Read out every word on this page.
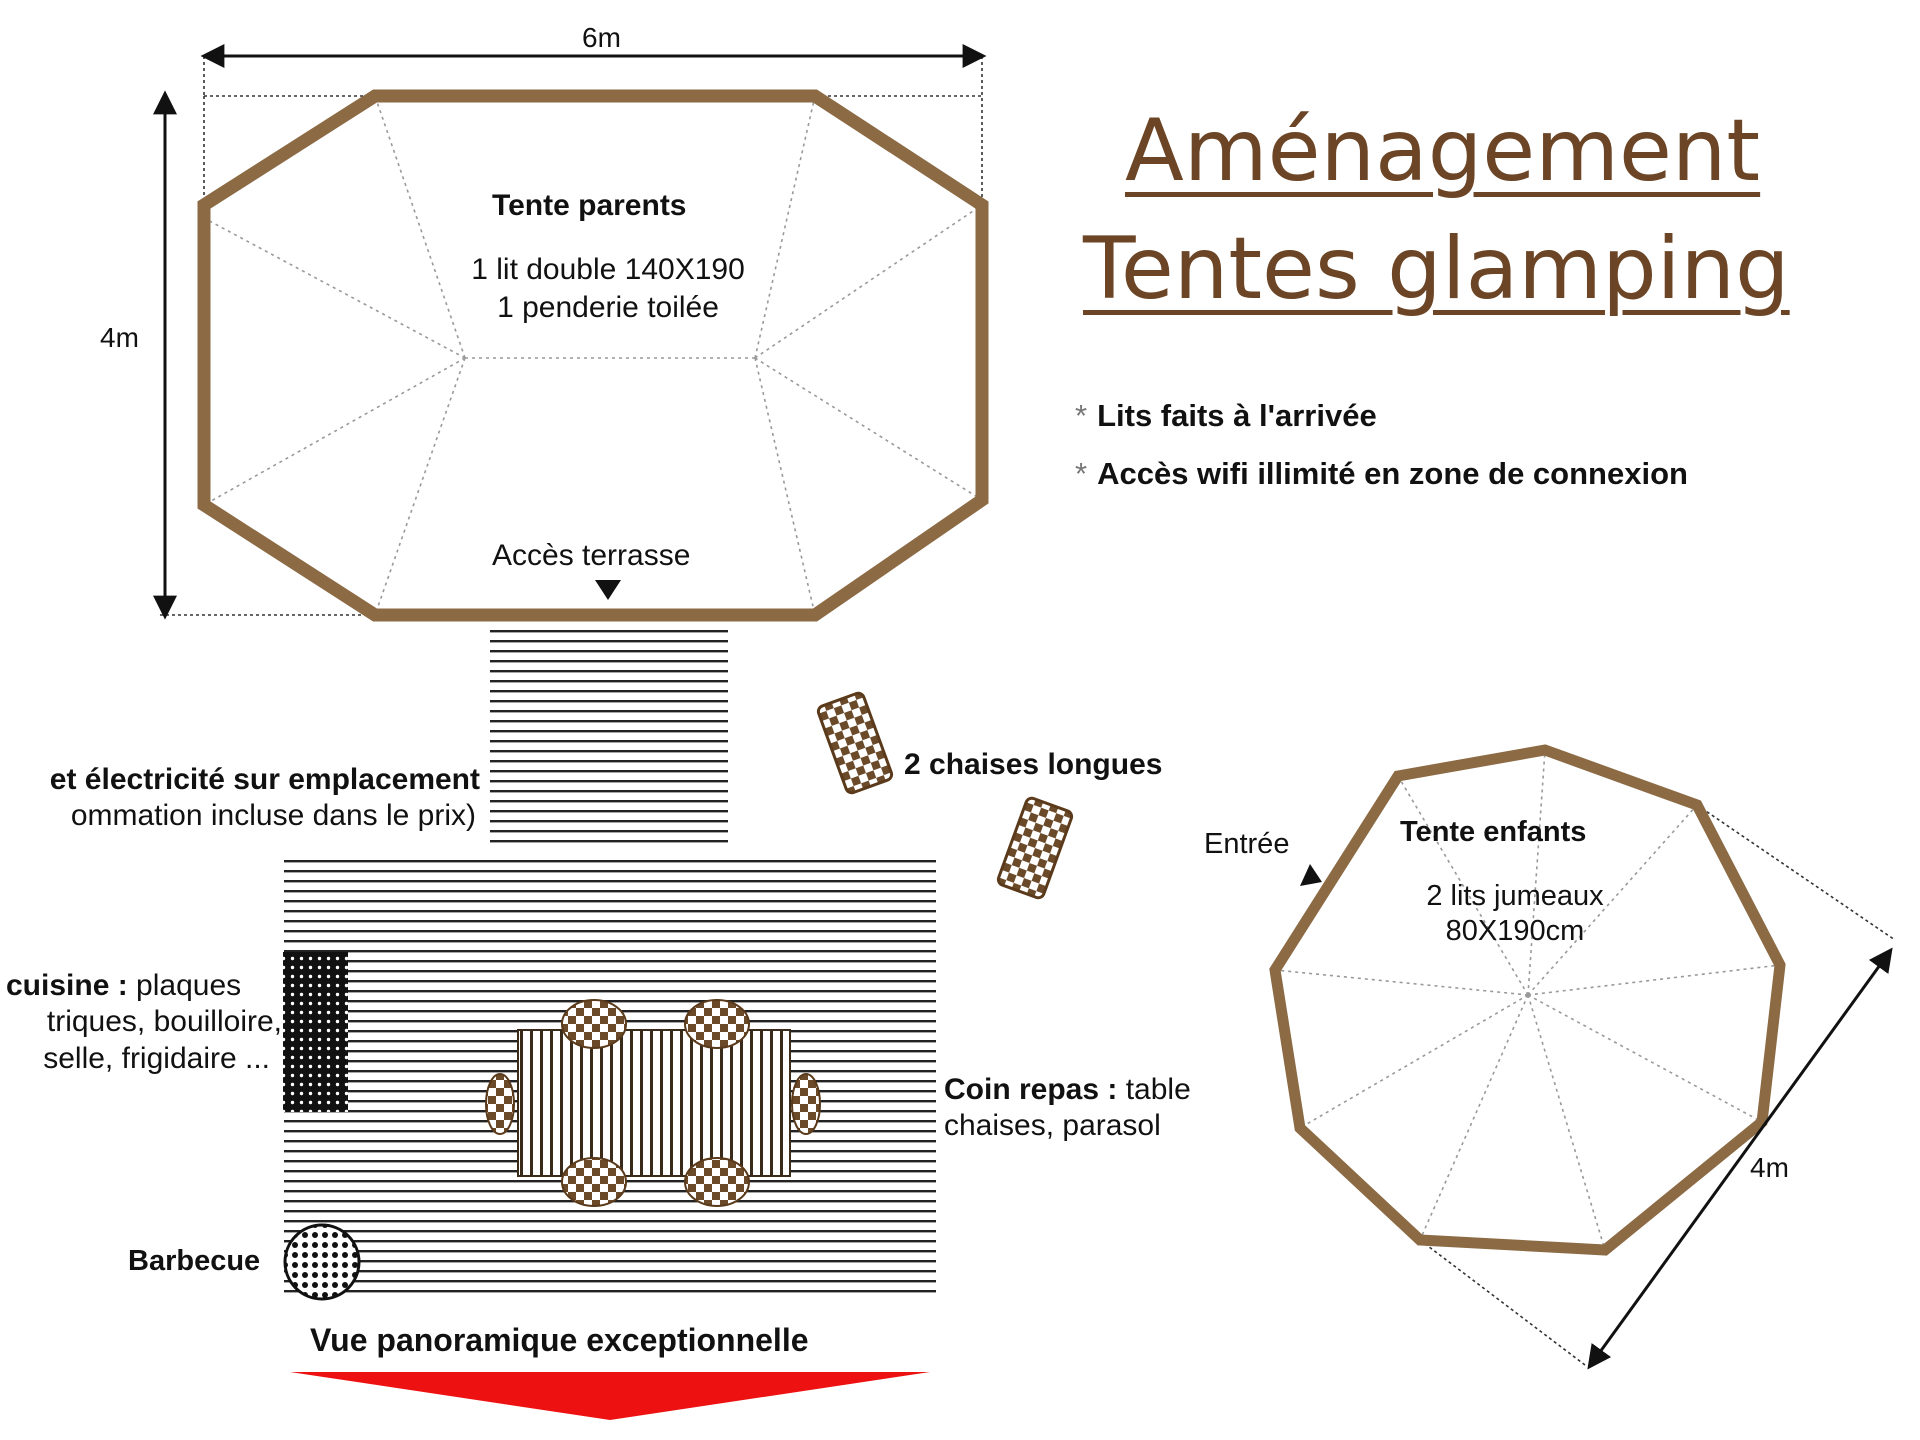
Aménagement
Tentes glamping
* Lits faits à l'arrivée
* Accès wifi illimité en zone de connexion
6m
4m
Tente parents
1 lit double 140X190
1 penderie toilée
Accès terrasse
et électricité sur emplacement
ommation incluse dans le prix)
cuisine : plaques
triques, bouilloire,
selle, frigidaire ...
Coin repas : table
chaises, parasol
2 chaises longues
Barbecue
Vue panoramique exceptionnelle
Entrée	Tente enfants
2 lits jumeaux
80X190cm
4m
